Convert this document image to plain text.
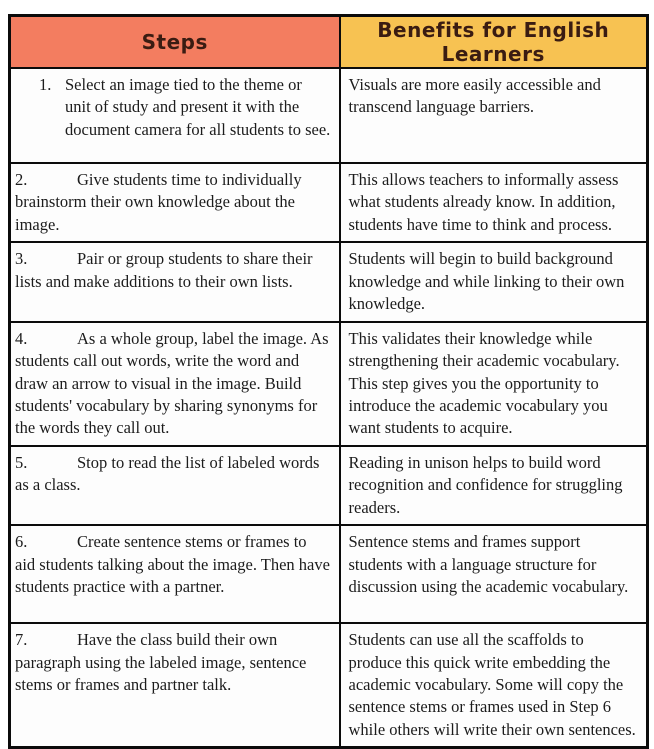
Steps	Benefits for English Learners

1. Select an image tied to the theme or unit of study and present it with the document camera for all students to see.	Visuals are more easily accessible and transcend language barriers.

2. Give students time to individually brainstorm their own knowledge about the image.	This allows teachers to informally assess what students already know. In addition, students have time to think and process.

3. Pair or group students to share their lists and make additions to their own lists.	Students will begin to build background knowledge and while linking to their own knowledge.

4. As a whole group, label the image. As students call out words, write the word and draw an arrow to visual in the image. Build students' vocabulary by sharing synonyms for the words they call out.	This validates their knowledge while strengthening their academic vocabulary. This step gives you the opportunity to introduce the academic vocabulary you want students to acquire.

5. Stop to read the list of labeled words as a class.	Reading in unison helps to build word recognition and confidence for struggling readers.

6. Create sentence stems or frames to aid students talking about the image. Then have students practice with a partner.	Sentence stems and frames support students with a language structure for discussion using the academic vocabulary.

7. Have the class build their own paragraph using the labeled image, sentence stems or frames and partner talk.	Students can use all the scaffolds to produce this quick write embedding the academic vocabulary. Some will copy the sentence stems or frames used in Step 6 while others will write their own sentences.
